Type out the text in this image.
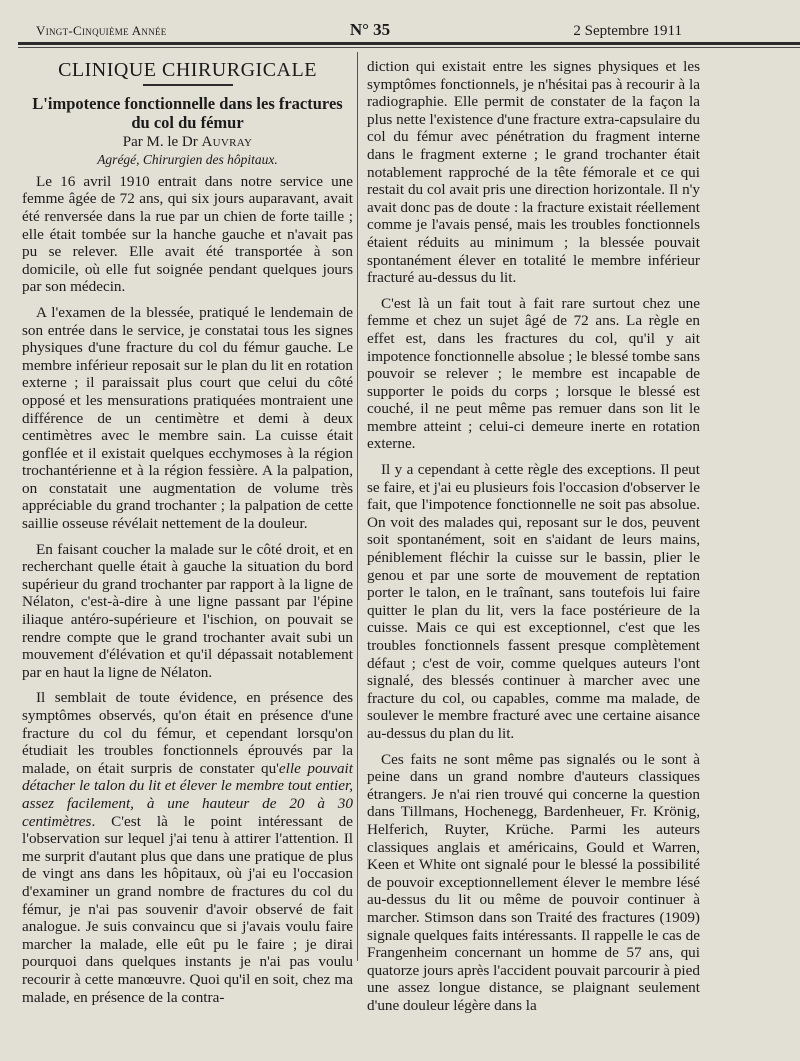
Vingt-Cinquième Année	N° 35	2 Septembre 1911
CLINIQUE CHIRURGICALE
L'impotence fonctionnelle dans les fractures du col du fémur
Par M. le Dr Auvray
Agrégé, Chirurgien des hôpitaux.

Le 16 avril 1910 entrait dans notre service une femme âgée de 72 ans, qui six jours auparavant, avait été renversée dans la rue par un chien de forte taille ; elle était tombée sur la hanche gauche et n'avait pas pu se relever. Elle avait été transportée à son domicile, où elle fut soignée pendant quelques jours par son médecin.

A l'examen de la blessée, pratiqué le lendemain de son entrée dans le service, je constatai tous les signes physiques d'une fracture du col du fémur gauche. Le membre inférieur reposait sur le plan du lit en rotation externe ; il paraissait plus court que celui du côté opposé et les mensurations pratiquées montraient une différence de un centimètre et demi à deux centimètres avec le membre sain. La cuisse était gonflée et il existait quelques ecchymoses à la région trochantérienne et à la région fessière. A la palpation, on constatait une augmentation de volume très appréciable du grand trochanter ; la palpation de cette saillie osseuse révélait nettement de la douleur.

En faisant coucher la malade sur le côté droit, et en recherchant quelle était à gauche la situation du bord supérieur du grand trochanter par rapport à la ligne de Nélaton, c'est-à-dire à une ligne passant par l'épine iliaque antéro-supérieure et l'ischion, on pouvait se rendre compte que le grand trochanter avait subi un mouvement d'élévation et qu'il dépassait notablement par en haut la ligne de Nélaton.

Il semblait de toute évidence, en présence des symptômes observés, qu'on était en présence d'une fracture du col du fémur, et cependant lorsqu'on étudiait les troubles fonctionnels éprouvés par la malade, on était surpris de constater qu'elle pouvait détacher le talon du lit et élever le membre tout entier, assez facilement, à une hauteur de 20 à 30 centimètres. C'est là le point intéressant de l'observation sur lequel j'ai tenu à attirer l'attention. Il me surprit d'autant plus que dans une pratique de plus de vingt ans dans les hôpitaux, où j'ai eu l'occasion d'examiner un grand nombre de fractures du col du fémur, je n'ai pas souvenir d'avoir observé de fait analogue. Je suis convaincu que si j'avais voulu faire marcher la malade, elle eût pu le faire ; je dirai pourquoi dans quelques instants je n'ai pas voulu recourir à cette manœuvre. Quoi qu'il en soit, chez ma malade, en présence de la contra-

diction qui existait entre les signes physiques et les symptômes fonctionnels, je n'hésitai pas à recourir à la radiographie. Elle permit de constater de la façon la plus nette l'existence d'une fracture extra-capsulaire du col du fémur avec pénétration du fragment interne dans le fragment externe ; le grand trochanter était notablement rapproché de la tête fémorale et ce qui restait du col avait pris une direction horizontale. Il n'y avait donc pas de doute : la fracture existait réellement comme je l'avais pensé, mais les troubles fonctionnels étaient réduits au minimum ; la blessée pouvait spontanément élever en totalité le membre inférieur fracturé au-dessus du lit.

C'est là un fait tout à fait rare surtout chez une femme et chez un sujet âgé de 72 ans. La règle en effet est, dans les fractures du col, qu'il y ait impotence fonctionnelle absolue ; le blessé tombe sans pouvoir se relever ; le membre est incapable de supporter le poids du corps ; lorsque le blessé est couché, il ne peut même pas remuer dans son lit le membre atteint ; celui-ci demeure inerte en rotation externe.

Il y a cependant à cette règle des exceptions. Il peut se faire, et j'ai eu plusieurs fois l'occasion d'observer le fait, que l'impotence fonctionnelle ne soit pas absolue. On voit des malades qui, reposant sur le dos, peuvent soit spontanément, soit en s'aidant de leurs mains, péniblement fléchir la cuisse sur le bassin, plier le genou et par une sorte de mouvement de reptation porter le talon, en le traînant, sans toutefois lui faire quitter le plan du lit, vers la face postérieure de la cuisse. Mais ce qui est exceptionnel, c'est que les troubles fonctionnels fassent presque complètement défaut ; c'est de voir, comme quelques auteurs l'ont signalé, des blessés continuer à marcher avec une fracture du col, ou capables, comme ma malade, de soulever le membre fracturé avec une certaine aisance au-dessus du plan du lit.

Ces faits ne sont même pas signalés ou le sont à peine dans un grand nombre d'auteurs classiques étrangers. Je n'ai rien trouvé qui concerne la question dans Tillmans, Hochenegg, Bardenheuer, Fr. Krönig, Helferich, Ruyter, Krüche. Parmi les auteurs classiques anglais et américains, Gould et Warren, Keen et White ont signalé pour le blessé la possibilité de pouvoir exceptionnellement élever le membre lésé au-dessus du lit ou même de pouvoir continuer à marcher. Stimson dans son Traité des fractures (1909) signale quelques faits intéressants. Il rappelle le cas de Frangenheim concernant un homme de 57 ans, qui quatorze jours après l'accident pouvait parcourir à pied une assez longue distance, se plaignant seulement d'une douleur légère dans la
